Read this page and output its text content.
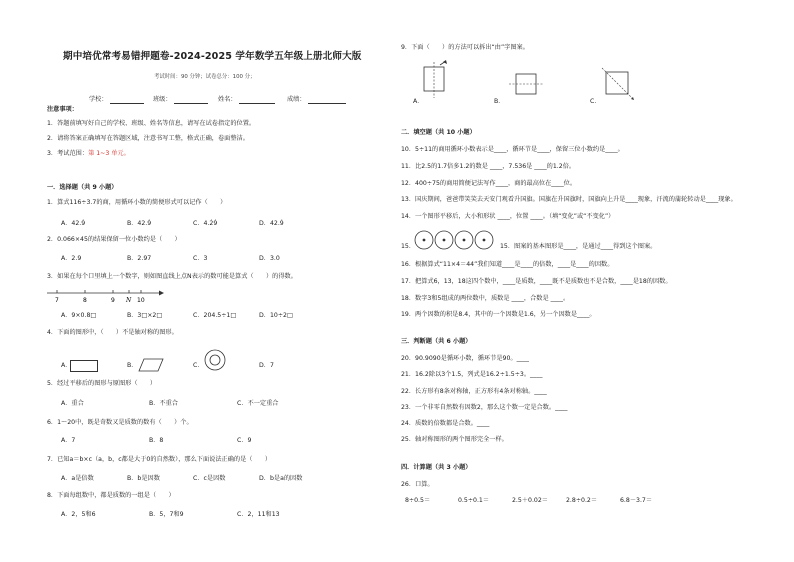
期中培优常考易错押题卷-2024-2025 学年数学五年级上册北师大版
考试时间：90 分钟；试卷总分：100 分；
学校：	班级：	姓名：	成绩：
注意事项：
1．答题前填写好自己的学校、班级、姓名等信息，请写在试卷指定的位置。
2．请将答案正确填写在答题区域，注意书写工整，格式正确，卷面整洁。
3．考试范围：第 1~3 单元。
一．选择题（共 9 小题）
1．算式116÷3.7的商，用循环小数的简便形式可以记作（　　）
A．42.9̇	B．42.9̇	C．4.2̇9̇	D．42.9̇
2．0.066×45的结果保留一位小数约是（　　）
A．2.9	B．2.97	C．3	D．3.0
3．如果在每个口里填上一个数字，则如图直线上点N表示的数可能是算式（　　）的得数。
7	8	9 N 10
A．9×0.8□	B．3□×2□	C．204.5÷1□	D．10÷2□
4．下面的图形中，（　　）不是轴对称的图形。
A．	B．	C．	D．7
5．经过平移后的图形与原图形（　　）
A．重合	B．不重合	C．不一定重合
6．1～20中，既是奇数又是质数的数有（　　）个。
A．7	B．8	C．9
7．已知a＝b×c（a，b，c都是大于0的自然数），那么下面说法正确的是（　　）
A．a是倍数	B．b是因数	C．c是因数	D．b是a的因数
8．下面每组数中，都是质数的一组是（　　）
A．2，5和6	B．5，7和9	C．2，11和13
9．下面（　　）的方法可以拆出“由”字图案。
A．	B．	C．
二．填空题（共 10 小题）
10．5÷11的商用循环小数表示是____，循环节是____，保留三位小数约是____。
11．比2.5的1.7倍多1.2的数是 ____，7.536是 ____的1.2倍。
12．400÷75的商用简便记法写作____，商的最高位在____位。
13．国庆期间，爸爸带笑笑去天安门观看升国旗。国旗在升国旗时，国旗向上升是____现象，汗流的蒲轮转动是____现象。
14．一个图形平移后，大小和形状 ____，位置 ____。（填“变化”或“不变化”）
15．	15．图案的基本图形是____，是通过____得到这个图案。
16．根据算式“11×4＝44”我们知道____是____的倍数，____是____的因数。
17．把算式6，13，18这四个数中，____是质数，____既不是质数也不是合数，____是18的因数。
18．数字3和5组成的两位数中，质数是 ____，合数是 ____。
19．两个因数的积是8.4，其中的一个因数是1.6，另一个因数是____。
三．判断题（共 6 小题）
20．90.9090是循环小数，循环节是90。____
21．16.2除以3个1.5，列式是16.2÷1.5÷3。____
22．长方形有8条对称轴，正方形有4条对称轴。____
23．一个非零自然数有因数2，那么这个数一定是合数。____
24．质数的倍数都是合数。____
25．轴对称图形的两个图形完全一样。
四．计算题（共 3 小题）
26．口算。
8÷0.5＝	0.5÷0.1＝	2.5＋0.02＝	2.8÷0.2＝	6.8－3.7＝
